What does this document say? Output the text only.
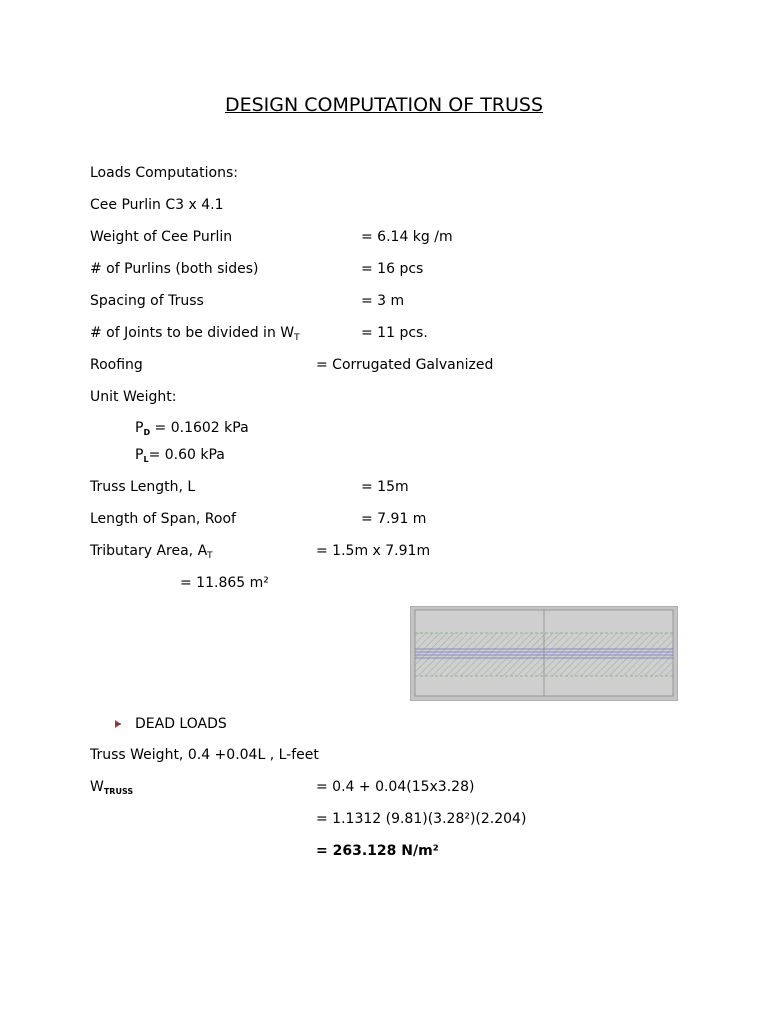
DESIGN COMPUTATION OF TRUSS
Loads Computations:
Cee Purlin C3 x 4.1
Weight of Cee Purlin	= 6.14 kg /m
# of Purlins (both sides)	= 16 pcs
Spacing of Truss	= 3 m
# of Joints to be divided in $W_T$	= 11 pcs.
Roofing	= Corrugated Galvanized
Unit Weight:
$P_D = 0.1602$ kPa
$P_L= 0.60$ kPa
Truss Length, L	= 15m
Length of Span, Roof	= 7.91 m
Tributary Area, $A_T$	= 1.5m x 7.91m
= 11.865 m²
DEAD LOADS
Truss Weight, 0.4 +0.04L , L-feet
$W_{TRUSS}$	= 0.4 + 0.04(15x3.28)
= 1.1312 (9.81)(3.28²)(2.204)
= 263.128 N/m²
